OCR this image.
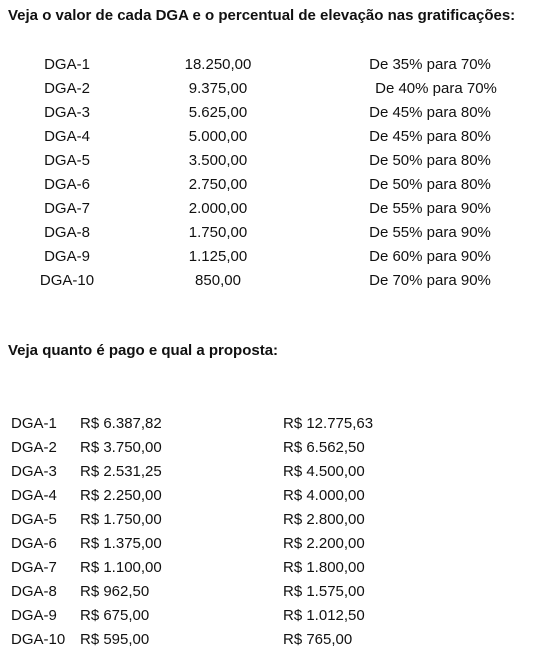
Veja o valor de cada DGA e o percentual de elevação nas gratificações:
DGA-1	18.250,00	De 35% para 70%
DGA-2	9.375,00	De 40% para 70%
DGA-3	5.625,00	De 45% para 80%
DGA-4	5.000,00	De 45% para 80%
DGA-5	3.500,00	De 50% para 80%
DGA-6	2.750,00	De 50% para 80%
DGA-7	2.000,00	De 55% para 90%
DGA-8	1.750,00	De 55% para 90%
DGA-9	1.125,00	De 60% para 90%
DGA-10	850,00	De 70% para 90%
Veja quanto é pago e qual a proposta:
DGA-1 R$ 6.387,82	R$ 12.775,63
DGA-2 R$ 3.750,00	R$ 6.562,50
DGA-3 R$ 2.531,25	R$ 4.500,00
DGA-4 R$ 2.250,00	R$ 4.000,00
DGA-5 R$ 1.750,00	R$ 2.800,00
DGA-6 R$ 1.375,00	R$ 2.200,00
DGA-7 R$ 1.100,00	R$ 1.800,00
DGA-8 R$ 962,50	R$ 1.575,00
DGA-9 R$ 675,00	R$ 1.012,50
DGA-10 R$ 595,00	R$ 765,00
